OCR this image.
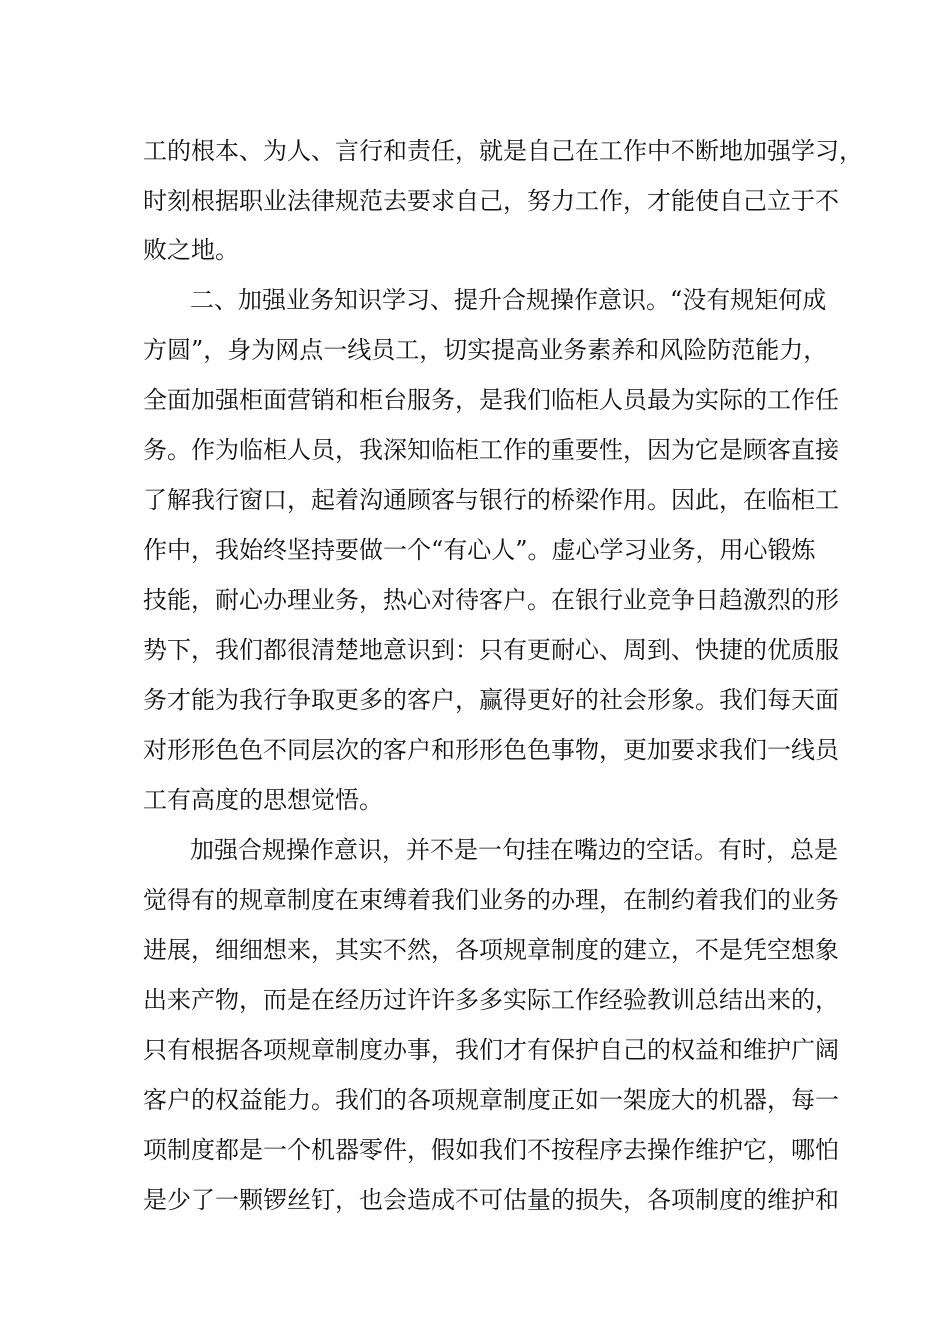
工的根本、为人、言行和责任，就是自己在工作中不断地加强学习，
时刻根据职业法律规范去要求自己，努力工作，才能使自己立于不
败之地。
二、加强业务知识学习、提升合规操作意识。“没有规矩何成
方圆”，身为网点一线员工，切实提高业务素养和风险防范能力，
全面加强柜面营销和柜台服务，是我们临柜人员最为实际的工作任
务。作为临柜人员，我深知临柜工作的重要性，因为它是顾客直接
了解我行窗口，起着沟通顾客与银行的桥梁作用。因此，在临柜工
作中，我始终坚持要做一个“有心人”。虚心学习业务，用心锻炼
技能，耐心办理业务，热心对待客户。在银行业竞争日趋激烈的形
势下，我们都很清楚地意识到：只有更耐心、周到、快捷的优质服
务才能为我行争取更多的客户，赢得更好的社会形象。我们每天面
对形形色色不同层次的客户和形形色色事物，更加要求我们一线员
工有高度的思想觉悟。
加强合规操作意识，并不是一句挂在嘴边的空话。有时，总是
觉得有的规章制度在束缚着我们业务的办理，在制约着我们的业务
进展，细细想来，其实不然，各项规章制度的建立，不是凭空想象
出来产物，而是在经历过许许多多实际工作经验教训总结出来的，
只有根据各项规章制度办事，我们才有保护自己的权益和维护广阔
客户的权益能力。我们的各项规章制度正如一架庞大的机器，每一
项制度都是一个机器零件，假如我们不按程序去操作维护它，哪怕
是少了一颗锣丝钉，也会造成不可估量的损失，各项制度的维护和
